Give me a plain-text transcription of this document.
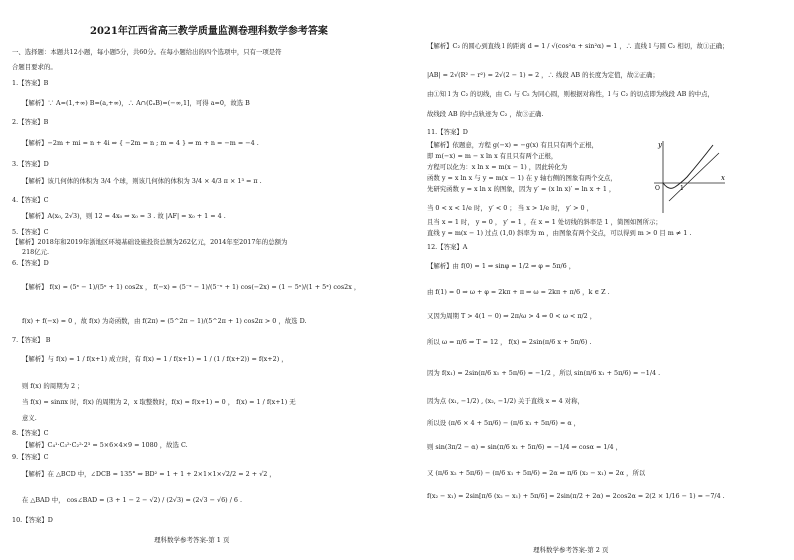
2021年江西省高三教学质量监测卷理科数学参考答案
一、选择题：本题共12小题，每小题5分，共60分。在每小题给出的四个选项中，只有一项是符
合题目要求的。
1.【答案】B
【解析】∵ A=(1,+∞) B=(a,+∞)，∴ A∩(∁ᵤB)=(−∞,1]，可得 a=0，故选 B
2.【答案】B
【解析】−2m + mi = n + 4i ⇒ { −2m = n ; m = 4 } ⇒ m + n = −m = −4 .
3.【答案】D
【解析】该几何体的体积为 3/4 个球，则该几何体的体积为 3/4 × 4/3 π × 1³ = π .
4.【答案】C
【解析】A(x₀, 2√3)，则 12 = 4x₀ ⇒ x₀ = 3 . 故 |AF| = x₀ + 1 = 4 .
5.【答案】C
【解析】2018年和2019年浙地区环境基础设施投资总额为262亿元，2014年至2017年的总额为
218亿元.
6.【答案】D
【解析】 f(x) = (5ˣ − 1)/(5ˣ + 1) cos2x ， f(−x) = (5⁻ˣ − 1)/(5⁻ˣ + 1) cos(−2x) = (1 − 5ˣ)/(1 + 5ˣ) cos2x ，
f(x) + f(−x) = 0 ，故 f(x) 为奇函数，由 f(2π) = (5^2π − 1)/(5^2π + 1) cos2π > 0 ，故选 D.
7.【答案】 B
【解析】与 f(x) = 1 / f(x+1) 成立时，有 f(x) = 1 / f(x+1) = 1 / (1 / f(x+2)) = f(x+2) ，
则 f(x) 的周期为 2 ；
当 f(x) = sinπx 时，f(x) 的周期为 2，x 取整数时，f(x) = f(x+1) = 0 ， f(x) = 1 / f(x+1) 无
意义.
8.【答案】C
【解析】C₄¹·C₃²·C₂²·2³ = 5×6×4×9 = 1080 ，故选 C.
9.【答案】C
【解析】在 △BCD 中，∠DCB = 135° ⇒ BD² = 1 + 1 + 2×1×1×√2/2 = 2 + √2 ，
在 △BAD 中， cos∠BAD = (3 + 1 − 2 − √2) / (2√3) = (2√3 − √6) / 6 .
10.【答案】D
理科数学参考答案-第 1 页
【解析】C₂ 的圆心到直线 l 的距离 d = 1 / √(cos²α + sin²α) = 1 ，∴ 直线 l 与圆 C₂ 相切，故①正确；
|AB| = 2√(R² − r²) = 2√(2 − 1) = 2 ，∴ 线段 AB 的长度为定值，故②正确；
由①知 l 为 C₂ 的切线，由 C₁ 与 C₂ 为同心圆，则根据对称性，l 与 C₂ 的切点即为线段 AB 的中点，
故线段 AB 的中点轨迹为 C₂ ，故③正确.
11.【答案】D
【解析】依题意，方程 g(−x) = −g(x) 有且只有两个正根，
即 m(−x) = m − x ln x 有且只有两个正根，
方程可以化为：x ln x = m(x − 1) ，因此转化为
函数 y = x ln x 与 y = m(x − 1) 在 y 轴右侧的图象有两个交点，
先研究函数 y = x ln x 的图象，因为 y′ = (x ln x)′ = ln x + 1 ，
当 0 < x < 1/e 时， y′ < 0 ； 当 x > 1/e 时， y′ > 0 ，
且当 x = 1 时， y = 0 ， y′ = 1 ，在 x = 1 处切线的斜率是 1 ，简图如图所示；
直线 y = m(x − 1) 过点 (1,0) 斜率为 m ，由图象有两个交点，可以得到 m > 0 目 m ≠ 1 .
12.【答案】A
【解析】由 f(0) = 1 ⇒ sinφ = 1/2 ⇒ φ = 5π/6 ，
由 f(1) = 0 ⇒ ω + φ = 2kπ + π ⇒ ω = 2kπ + π/6 ，k ∈ Z .
又因为周期 T > 4(1 − 0) ⇒ 2π/ω > 4 ⇒ 0 < ω < π/2 ，
所以 ω = π/6 ⇒ T = 12 ， f(x) = 2sin(π/6 x + 5π/6) .
因为 f(x₁) = 2sin(π/6 x₁ + 5π/6) = −1/2 ，所以 sin(π/6 x₁ + 5π/6) = −1/4 .
因为点 (x₁, −1/2) , (x₂, −1/2) 关于直线 x = 4 对称，
所以设 (π/6 × 4 + 5π/6) − (π/6 x₁ + 5π/6) = α ，
则 sin(3π/2 − α) = sin(π/6 x₁ + 5π/6) = −1/4 ⇒ cosα = 1/4 ，
又 (π/6 x₂ + 5π/6) − (π/6 x₁ + 5π/6) = 2α ⇒ π/6 (x₂ − x₁) = 2α ，所以
f(x₂ − x₁) = 2sin[π/6 (x₂ − x₁) + 5π/6] = 2sin(π/2 + 2α) = 2cos2α = 2(2 × 1/16 − 1) = −7/4 .
y
x
O	1
理科数学参考答案-第 2 页
